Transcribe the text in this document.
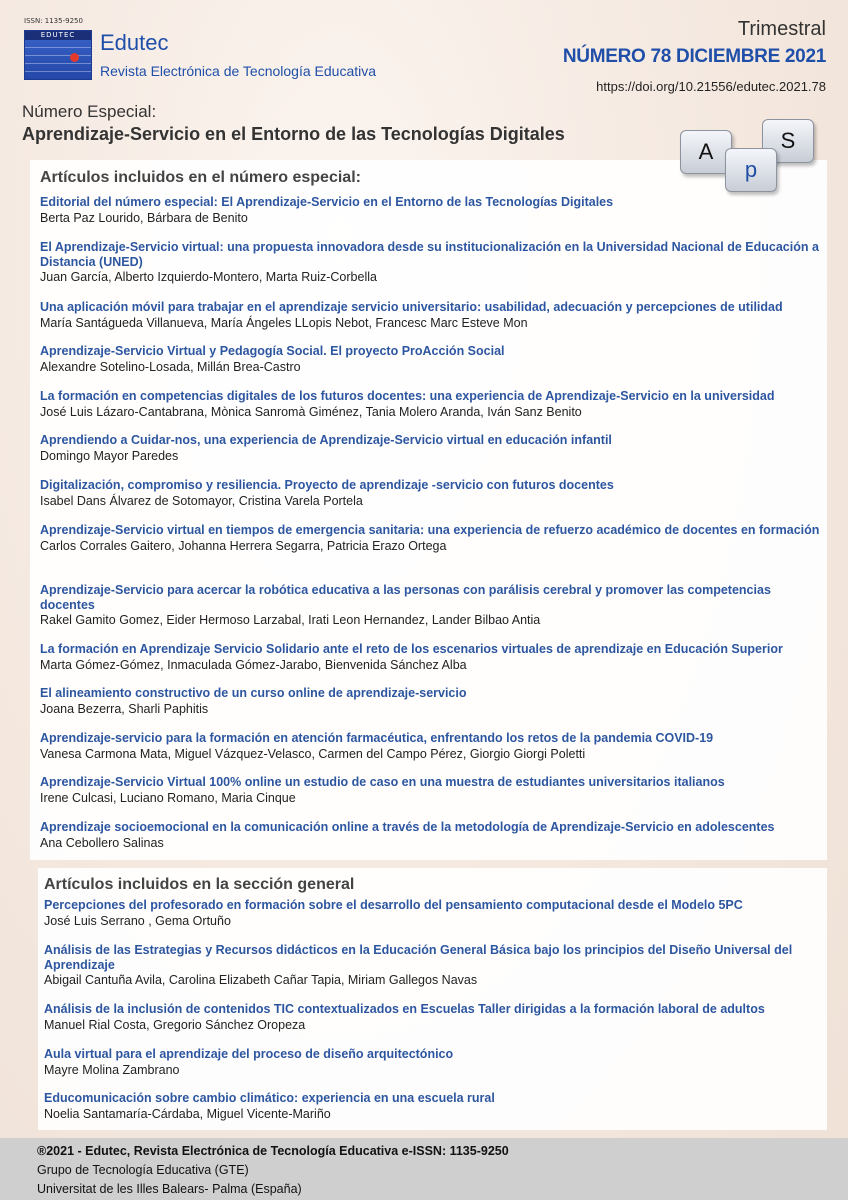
ISSN: 1135-9250
EDUTEC	Edutec
Revista Electrónica de Tecnología Educativa
Trimestral
NÚMERO 78 DICIEMBRE 2021
https://doi.org/10.21556/edutec.2021.78
Número Especial:
Aprendizaje-Servicio en el Entorno de las Tecnologías Digitales
A	S
p
Artículos incluidos en el número especial:
Editorial del número especial: El Aprendizaje-Servicio en el Entorno de las Tecnologías Digitales
Berta Paz Lourido, Bárbara de Benito
El Aprendizaje-Servicio virtual: una propuesta innovadora desde su institucionalización en la Universidad Nacional de Educación a Distancia (UNED)
Juan García, Alberto Izquierdo-Montero, Marta Ruiz-Corbella
Una aplicación móvil para trabajar en el aprendizaje servicio universitario: usabilidad, adecuación y percepciones de utilidad
María Santágueda Villanueva, María Ángeles LLopis Nebot, Francesc Marc Esteve Mon
Aprendizaje-Servicio Virtual y Pedagogía Social. El proyecto ProAcción Social
Alexandre Sotelino-Losada, Millán Brea-Castro
La formación en competencias digitales de los futuros docentes: una experiencia de Aprendizaje-Servicio en la universidad
José Luis Lázaro-Cantabrana, Mònica Sanromà Giménez, Tania Molero Aranda, Iván Sanz Benito
Aprendiendo a Cuidar-nos, una experiencia de Aprendizaje-Servicio virtual en educación infantil
Domingo Mayor Paredes
Digitalización, compromiso y resiliencia. Proyecto de aprendizaje -servicio con futuros docentes
Isabel Dans Álvarez de Sotomayor, Cristina Varela Portela
Aprendizaje-Servicio virtual en tiempos de emergencia sanitaria: una experiencia de refuerzo académico de docentes en formación
Carlos Corrales Gaitero, Johanna Herrera Segarra, Patricia Erazo Ortega
Aprendizaje-Servicio para acercar la robótica educativa a las personas con parálisis cerebral y promover las competencias docentes
Rakel Gamito Gomez, Eider Hermoso Larzabal, Irati Leon Hernandez, Lander Bilbao Antia
La formación en Aprendizaje Servicio Solidario ante el reto de los escenarios virtuales de aprendizaje en Educación Superior
Marta Gómez-Gómez, Inmaculada Gómez-Jarabo, Bienvenida Sánchez Alba
El alineamiento constructivo de un curso online de aprendizaje-servicio
Joana Bezerra, Sharli Paphitis
Aprendizaje-servicio para la formación en atención farmacéutica, enfrentando los retos de la pandemia COVID-19
Vanesa Carmona Mata, Miguel Vázquez-Velasco, Carmen del Campo Pérez, Giorgio Giorgi Poletti
Aprendizaje-Servicio Virtual 100% online un estudio de caso en una muestra de estudiantes universitarios italianos
Irene Culcasi, Luciano Romano, Maria Cinque
Aprendizaje socioemocional en la comunicación online a través de la metodología de Aprendizaje-Servicio en adolescentes
Ana Cebollero Salinas
Artículos incluidos en la sección general
Percepciones del profesorado en formación sobre el desarrollo del pensamiento computacional desde el Modelo 5PC
José Luis Serrano , Gema Ortuño
Análisis de las Estrategias y Recursos didácticos en la Educación General Básica bajo los principios del Diseño Universal del Aprendizaje
Abigail Cantuña Avila, Carolina Elizabeth Cañar Tapia, Miriam Gallegos Navas
Análisis de la inclusión de contenidos TIC contextualizados en Escuelas Taller dirigidas a la formación laboral de adultos
Manuel Rial Costa, Gregorio Sánchez Oropeza
Aula virtual para el aprendizaje del proceso de diseño arquitectónico
Mayre Molina Zambrano
Educomunicación sobre cambio climático: experiencia en una escuela rural
Noelia Santamaría-Cárdaba, Miguel Vicente-Mariño
®2021 - Edutec, Revista Electrónica de Tecnología Educativa e-ISSN: 1135-9250
Grupo de Tecnología Educativa (GTE)
Universitat de les Illes Balears- Palma (España)
